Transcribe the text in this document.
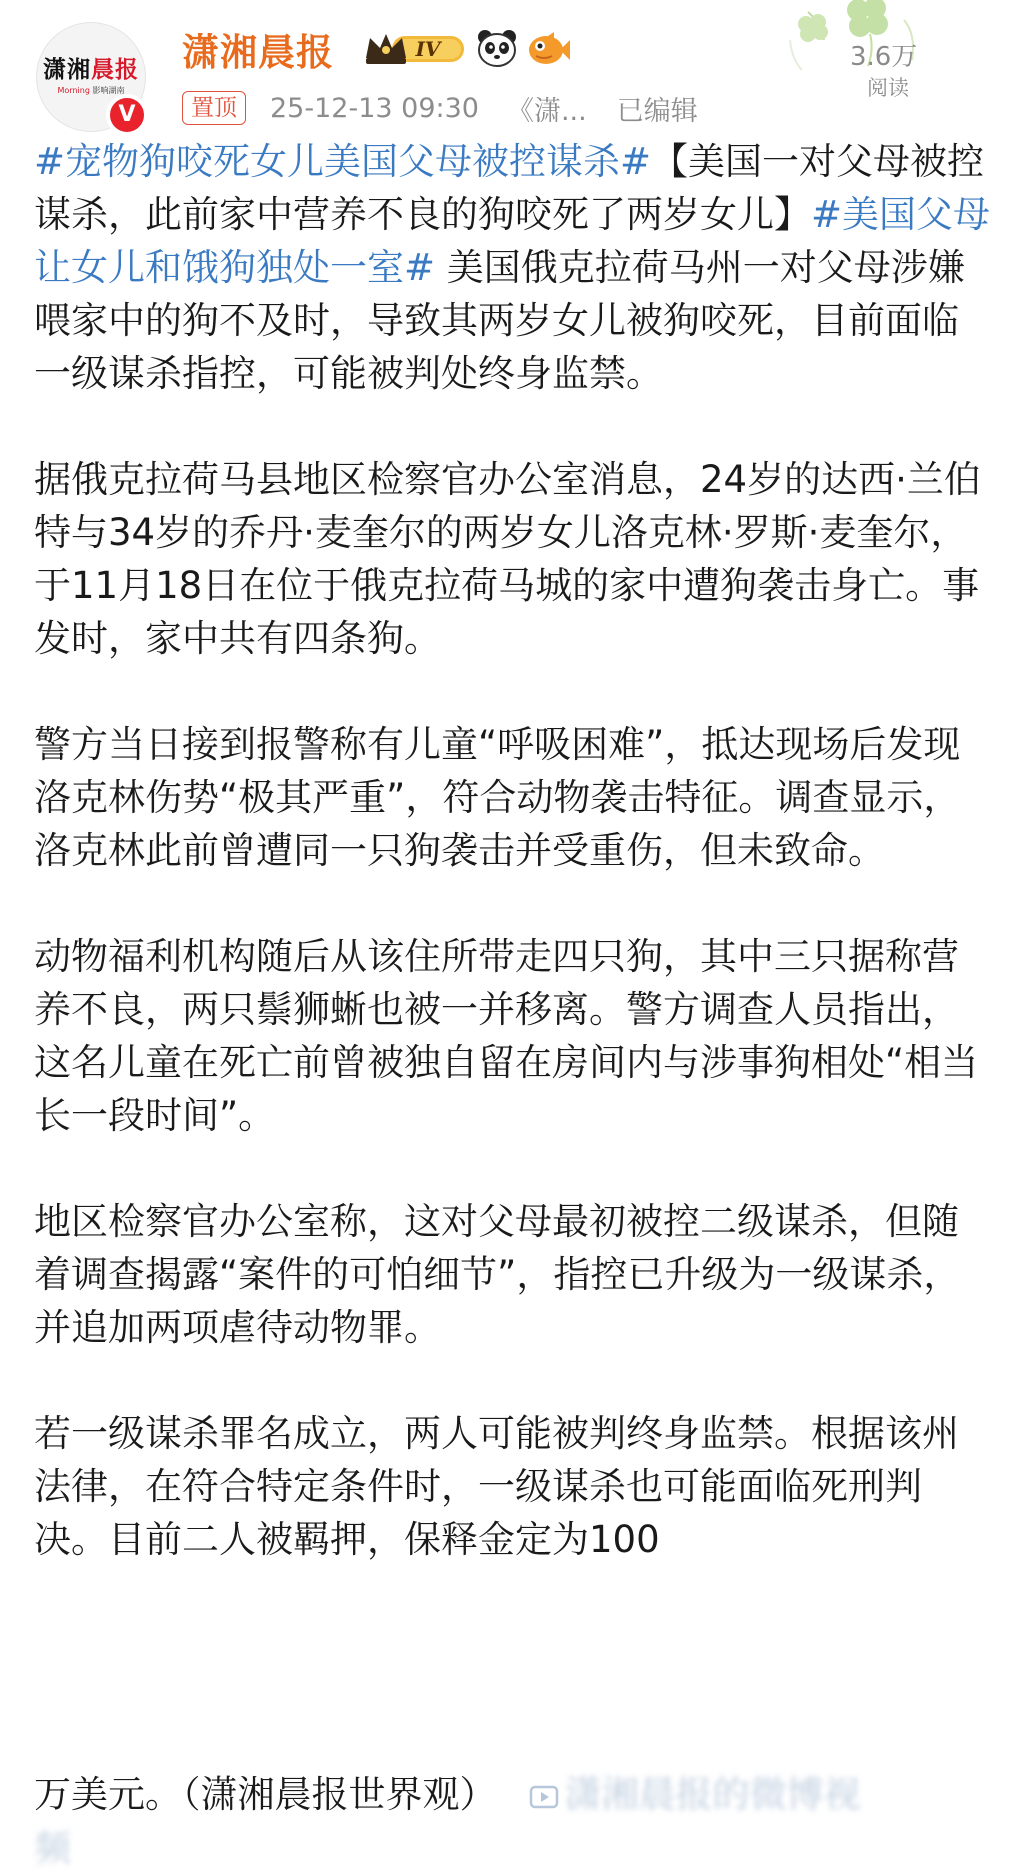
潇湘晨报
Morning 影响湖南
V
潇湘晨报	IV	3.6万
阅读
置顶	25-12-13 09:30 《潇... 已编辑

#宠物狗咬死女儿美国父母被控谋杀#【美国一对父母被控谋杀，此前家中营养不良的狗咬死了两岁女儿】#美国父母让女儿和饿狗独处一室# 美国俄克拉荷马州一对父母涉嫌喂家中的狗不及时，导致其两岁女儿被狗咬死，目前面临一级谋杀指控，可能被判处终身监禁。

据俄克拉荷马县地区检察官办公室消息，24岁的达西·兰伯特与34岁的乔丹·麦奎尔的两岁女儿洛克林·罗斯·麦奎尔，于11月18日在位于俄克拉荷马城的家中遭狗袭击身亡。事发时，家中共有四条狗。

警方当日接到报警称有儿童“呼吸困难”，抵达现场后发现洛克林伤势“极其严重”，符合动物袭击特征。调查显示，洛克林此前曾遭同一只狗袭击并受重伤，但未致命。

动物福利机构随后从该住所带走四只狗，其中三只据称营养不良，两只鬃狮蜥也被一并移离。警方调查人员指出，这名儿童在死亡前曾被独自留在房间内与涉事狗相处“相当长一段时间”。

地区检察官办公室称，这对父母最初被控二级谋杀，但随着调查揭露“案件的可怕细节”，指控已升级为一级谋杀，并追加两项虐待动物罪。

若一级谋杀罪名成立，两人可能被判终身监禁。根据该州法律，在符合特定条件时，一级谋杀也可能面临死刑判决。目前二人被羁押，保释金定为100

万美元。（潇湘晨报世界观） 潇湘晨报的微博视
频
